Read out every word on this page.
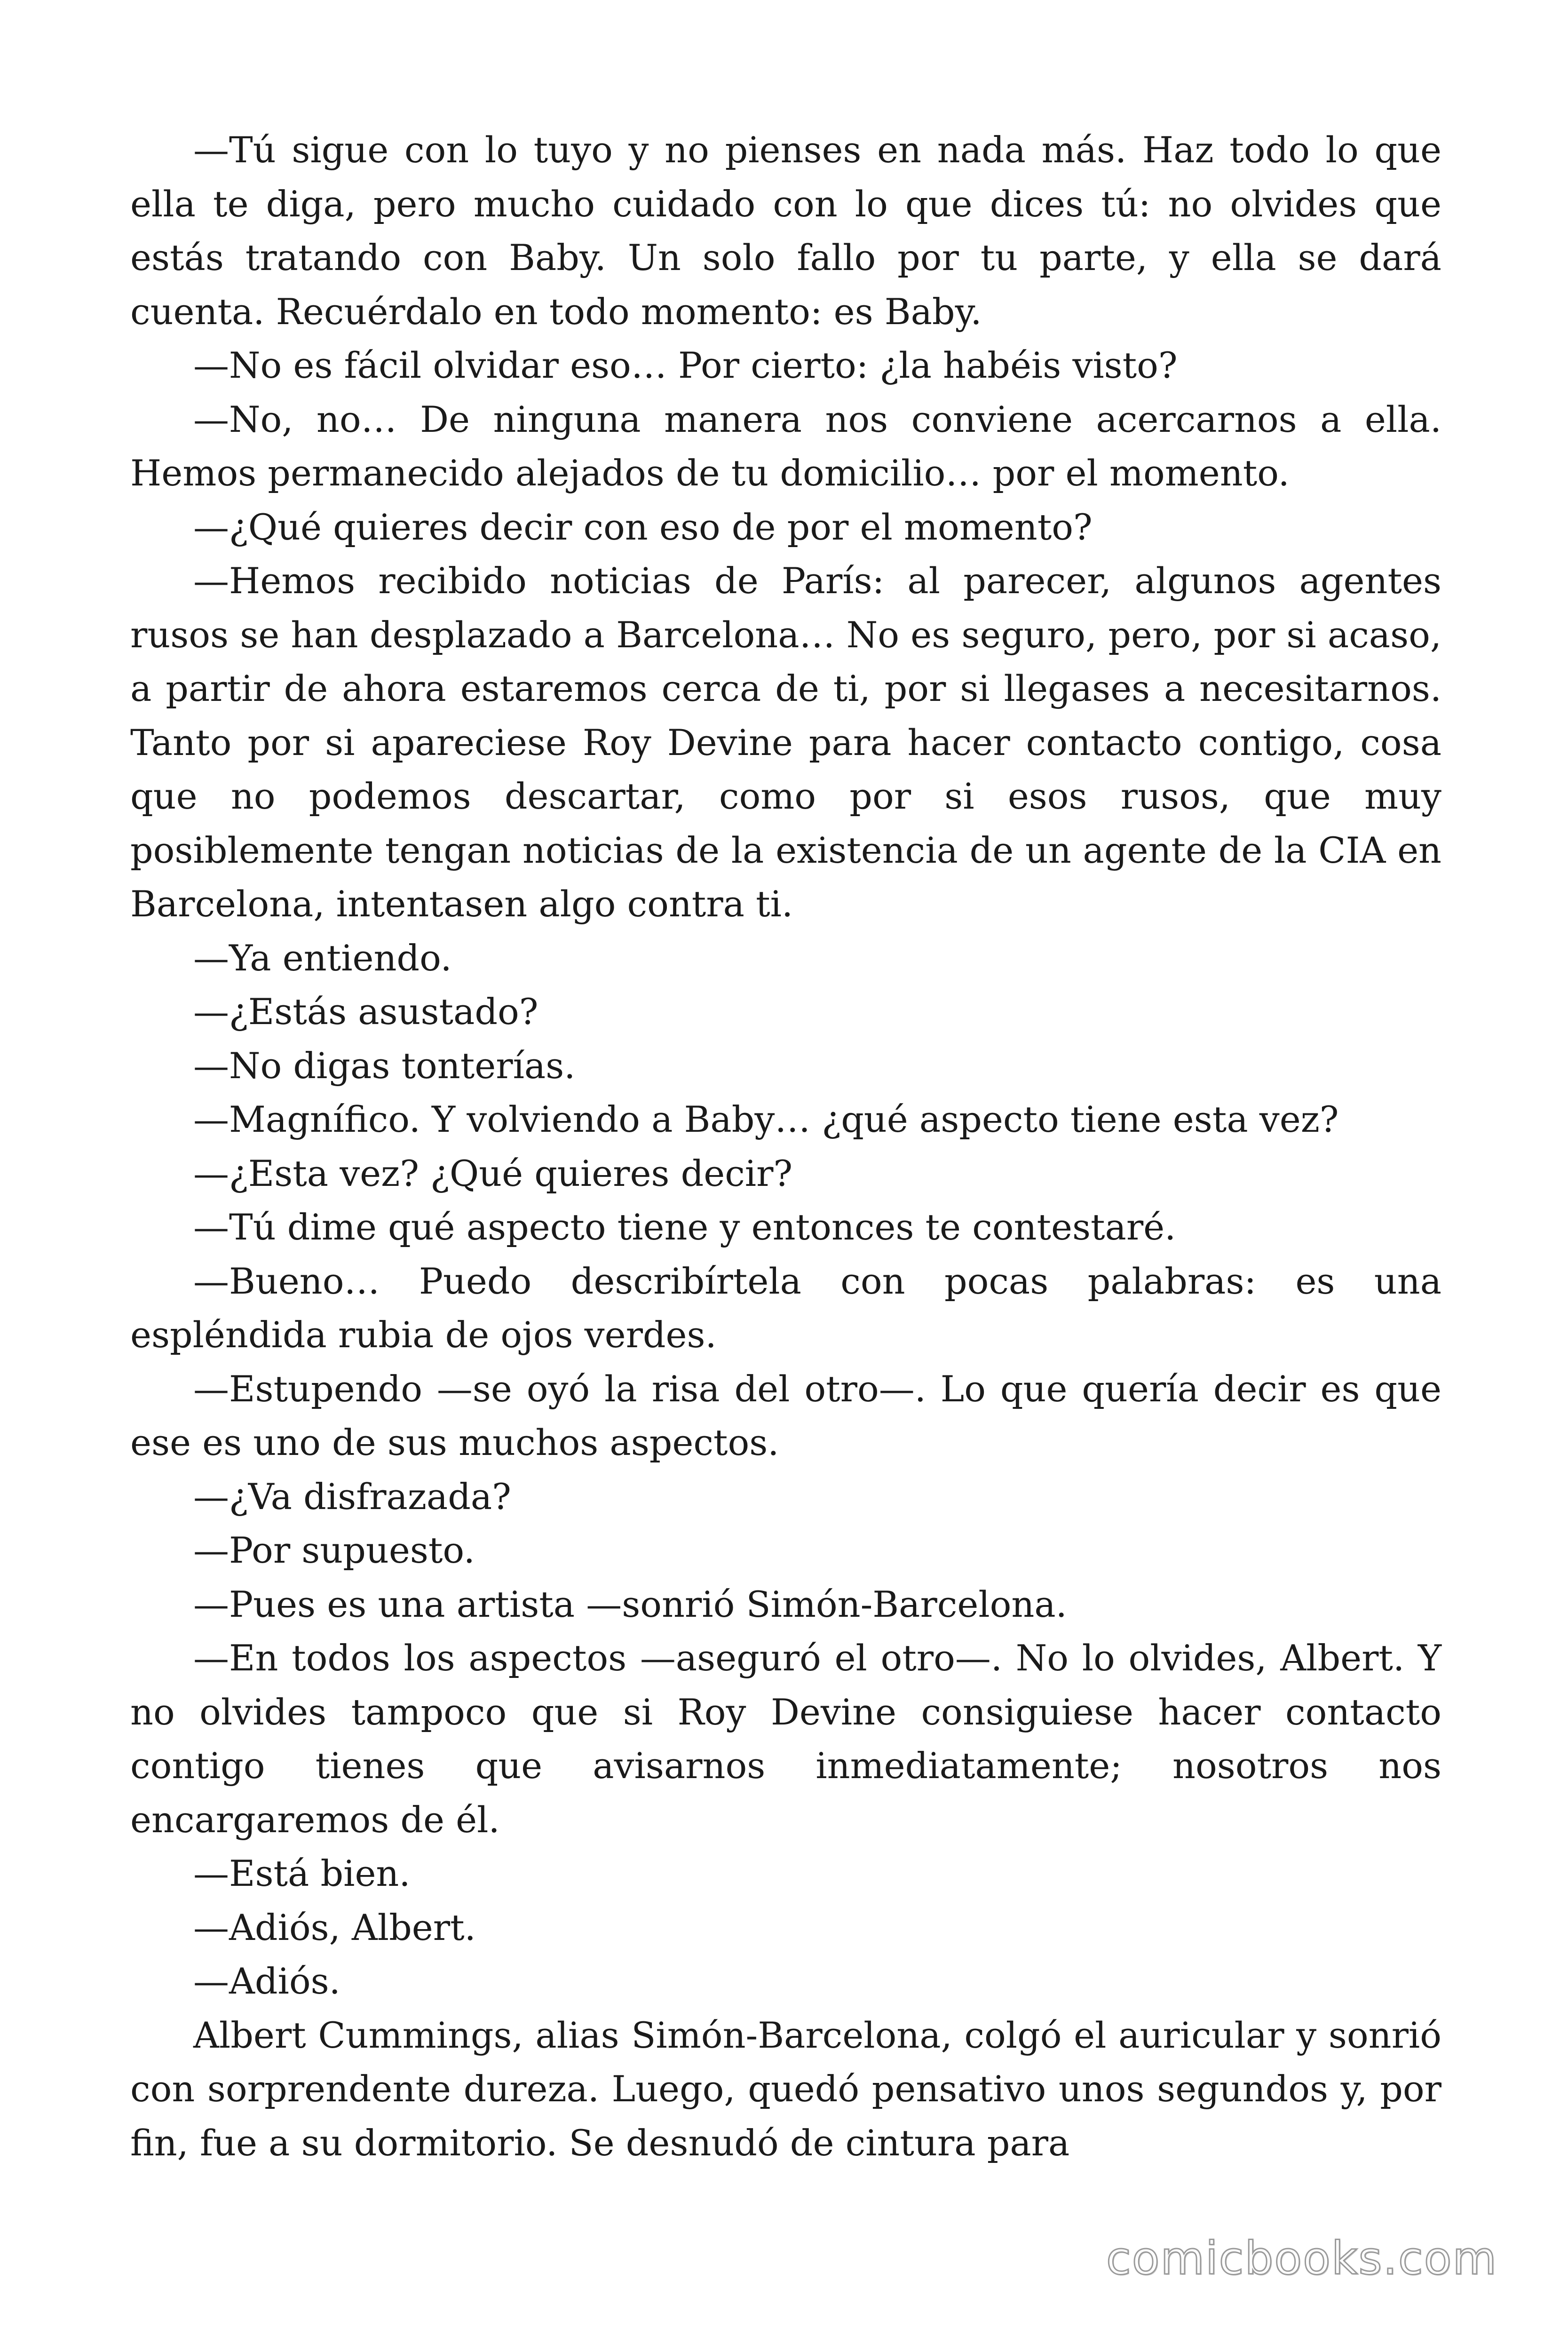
—Tú sigue con lo tuyo y no pienses en nada más. Haz todo lo que ella te diga, pero mucho cuidado con lo que dices tú: no olvides que estás tratando con Baby. Un solo fallo por tu parte, y ella se dará cuenta. Recuérdalo en todo momento: es Baby.

—No es fácil olvidar eso… Por cierto: ¿la habéis visto?

—No, no… De ninguna manera nos conviene acercarnos a ella. Hemos permanecido alejados de tu domicilio… por el momento.

—¿Qué quieres decir con eso de por el momento?

—Hemos recibido noticias de París: al parecer, algunos agentes rusos se han desplazado a Barcelona… No es seguro, pero, por si acaso, a partir de ahora estaremos cerca de ti, por si llegases a necesitarnos. Tanto por si apareciese Roy Devine para hacer contacto contigo, cosa que no podemos descartar, como por si esos rusos, que muy posiblemente tengan noticias de la existencia de un agente de la CIA en Barcelona, intentasen algo contra ti.

—Ya entiendo.

—¿Estás asustado?

—No digas tonterías.

—Magnífico. Y volviendo a Baby… ¿qué aspecto tiene esta vez?

—¿Esta vez? ¿Qué quieres decir?

—Tú dime qué aspecto tiene y entonces te contestaré.

—Bueno… Puedo describírtela con pocas palabras: es una espléndida rubia de ojos verdes.

—Estupendo —se oyó la risa del otro—. Lo que quería decir es que ese es uno de sus muchos aspectos.

—¿Va disfrazada?

—Por supuesto.

—Pues es una artista —sonrió Simón-Barcelona.

—En todos los aspectos —aseguró el otro—. No lo olvides, Albert. Y no olvides tampoco que si Roy Devine consiguiese hacer contacto contigo tienes que avisarnos inmediatamente; nosotros nos encargaremos de él.

—Está bien.

—Adiós, Albert.

—Adiós.

Albert Cummings, alias Simón-Barcelona, colgó el auricular y sonrió con sorprendente dureza. Luego, quedó pensativo unos segundos y, por fin, fue a su dormitorio. Se desnudó de cintura para

comicbooks.com
